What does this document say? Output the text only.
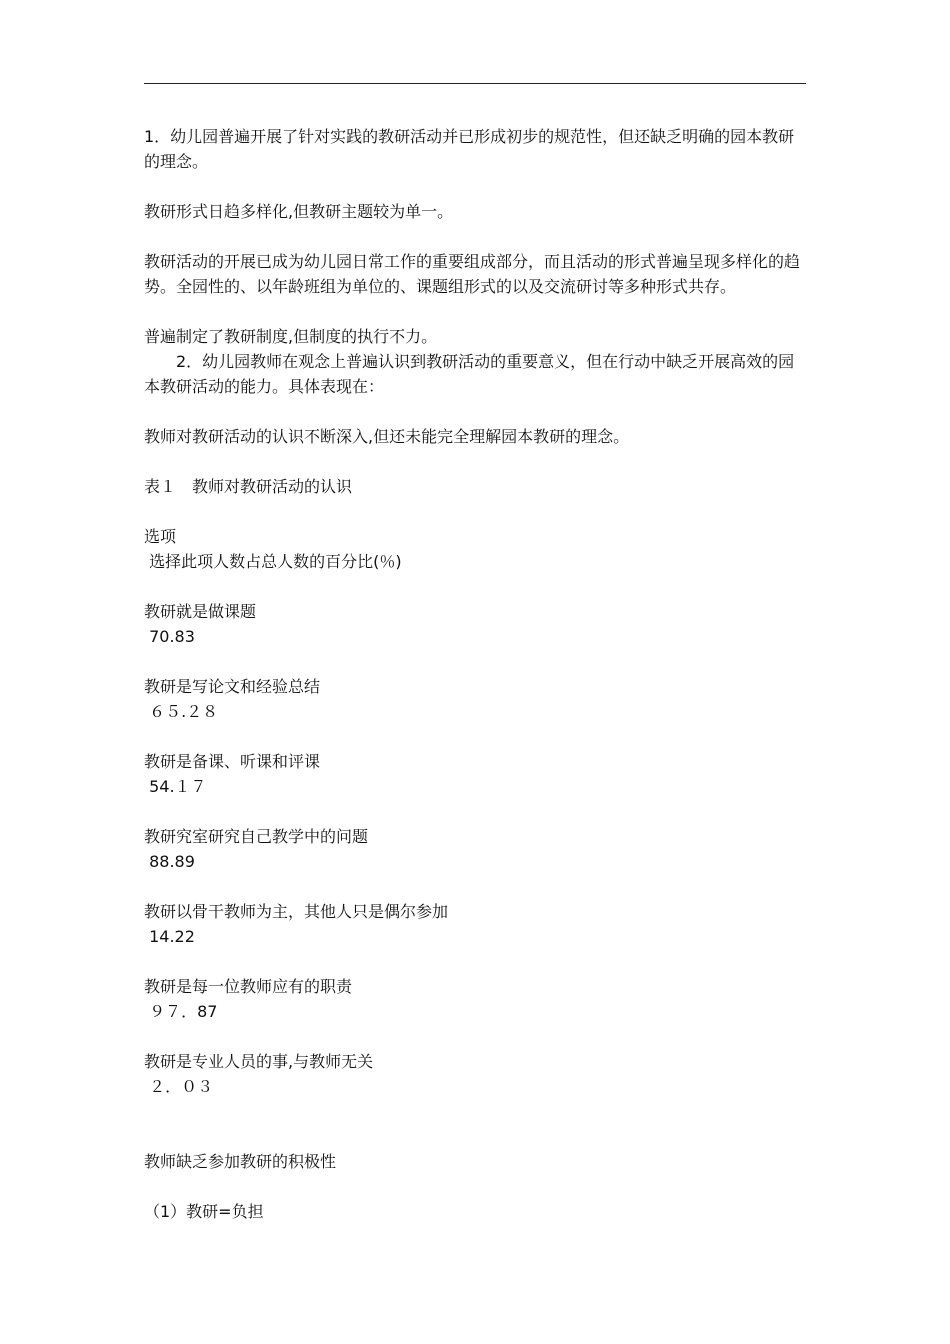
1．幼儿园普遍开展了针对实践的教研活动并已形成初步的规范性，但还缺乏明确的园本教研的理念。

教研形式日趋多样化,但教研主题较为单一。

教研活动的开展已成为幼儿园日常工作的重要组成部分，而且活动的形式普遍呈现多样化的趋势。全园性的、以年龄班组为单位的、课题组形式的以及交流研讨等多种形式共存。

普遍制定了教研制度,但制度的执行不力。

　　2．幼儿园教师在观念上普遍认识到教研活动的重要意义，但在行动中缺乏开展高效的园本教研活动的能力。具体表现在：

教师对教研活动的认识不断深入,但还未能完全理解园本教研的理念。

表１　教师对教研活动的认识

选项

选择此项人数占总人数的百分比(％)

教研就是做课题

70.83

教研是写论文和经验总结

６５.２８

教研是备课、听课和评课

54.１７

教研究室研究自己教学中的问题

88.89

教研以骨干教师为主，其他人只是偶尔参加

14.22

教研是每一位教师应有的职责

９７．87

教研是专业人员的事,与教师无关

２．０３

教师缺乏参加教研的积极性

（1）教研=负担
